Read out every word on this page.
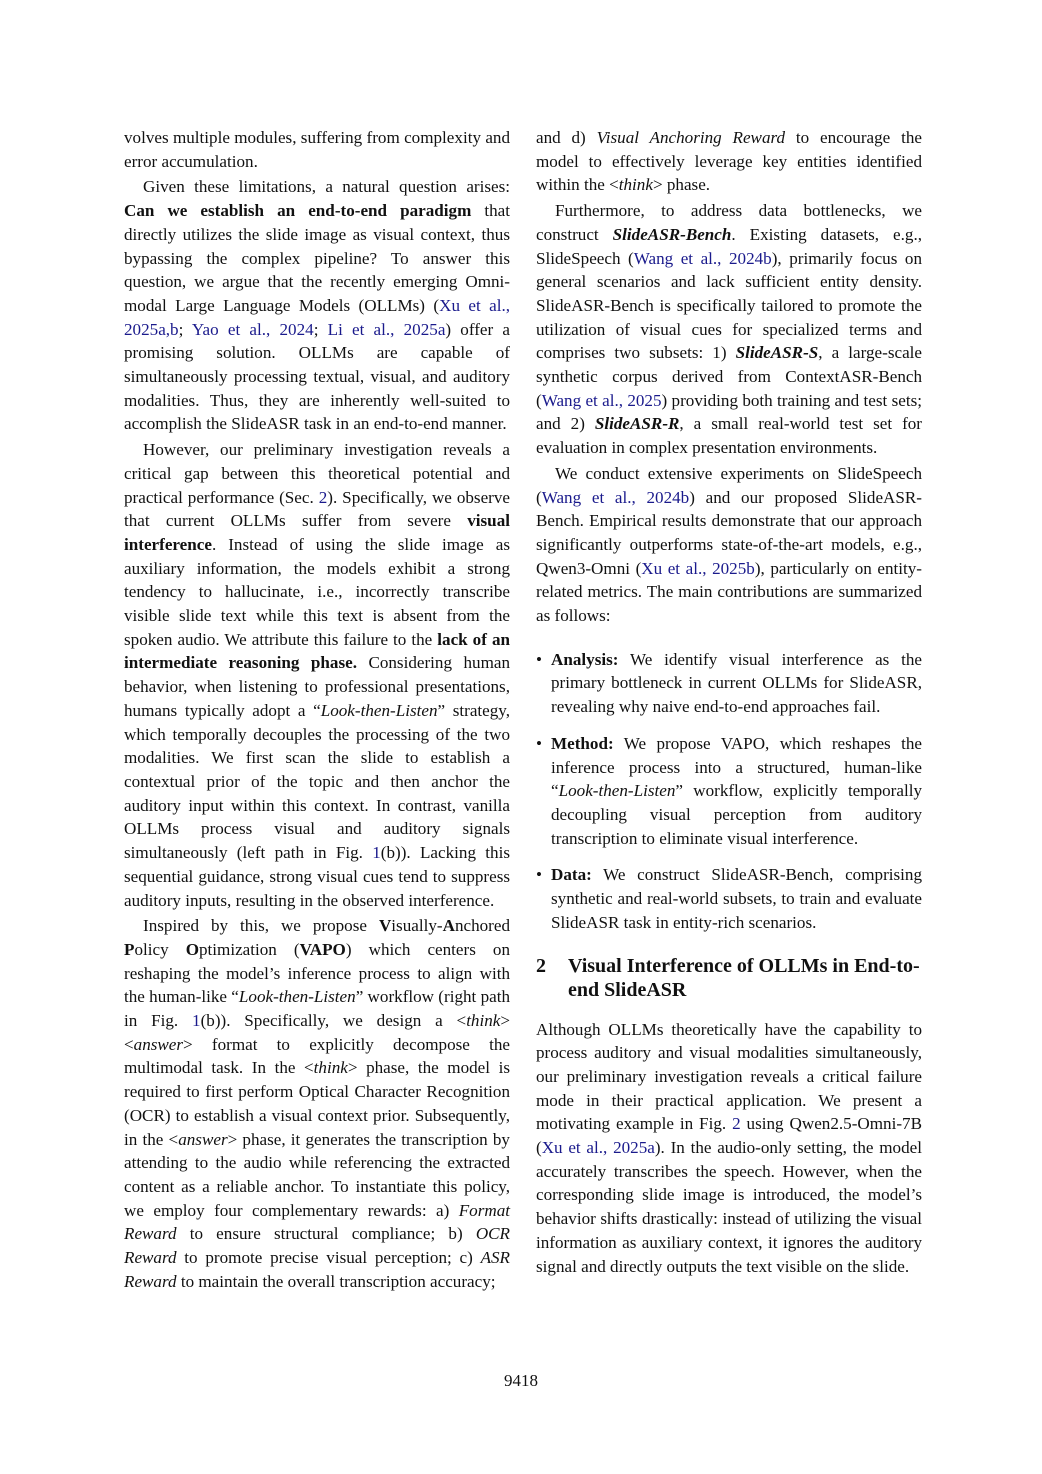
volves multiple modules, suffering from complexity and error accumulation.

Given these limitations, a natural question arises: Can we establish an end-to-end paradigm that directly utilizes the slide image as visual context, thus bypassing the complex pipeline? To answer this question, we argue that the recently emerging Omni-modal Large Language Models (OLLMs) (Xu et al., 2025a,b; Yao et al., 2024; Li et al., 2025a) offer a promising solution. OLLMs are capable of simultaneously processing textual, visual, and auditory modalities. Thus, they are inherently well-suited to accomplish the SlideASR task in an end-to-end manner.

However, our preliminary investigation reveals a critical gap between this theoretical potential and practical performance (Sec. 2). Specifically, we observe that current OLLMs suffer from severe visual interference. Instead of using the slide image as auxiliary information, the models exhibit a strong tendency to hallucinate, i.e., incorrectly transcribe visible slide text while this text is absent from the spoken audio. We attribute this failure to the lack of an intermediate reasoning phase. Considering human behavior, when listening to professional presentations, humans typically adopt a “Look-then-Listen” strategy, which temporally decouples the processing of the two modalities. We first scan the slide to establish a contextual prior of the topic and then anchor the auditory input within this context. In contrast, vanilla OLLMs process visual and auditory signals simultaneously (left path in Fig. 1(b)). Lacking this sequential guidance, strong visual cues tend to suppress auditory inputs, resulting in the observed interference.

Inspired by this, we propose Visually-Anchored Policy Optimization (VAPO) which centers on reshaping the model’s inference process to align with the human-like “Look-then-Listen” workflow (right path in Fig. 1(b)). Specifically, we design a <think><answer> format to explicitly decompose the multimodal task. In the <think> phase, the model is required to first perform Optical Character Recognition (OCR) to establish a visual context prior. Subsequently, in the <answer> phase, it generates the transcription by attending to the audio while referencing the extracted content as a reliable anchor. To instantiate this policy, we employ four complementary rewards: a) Format Reward to ensure structural compliance; b) OCR Reward to promote precise visual perception; c) ASR Reward to maintain the overall transcription accuracy;

and d) Visual Anchoring Reward to encourage the model to effectively leverage key entities identified within the <think> phase.

Furthermore, to address data bottlenecks, we construct SlideASR-Bench. Existing datasets, e.g., SlideSpeech (Wang et al., 2024b), primarily focus on general scenarios and lack sufficient entity density. SlideASR-Bench is specifically tailored to promote the utilization of visual cues for specialized terms and comprises two subsets: 1) SlideASR-S, a large-scale synthetic corpus derived from ContextASR-Bench (Wang et al., 2025) providing both training and test sets; and 2) SlideASR-R, a small real-world test set for evaluation in complex presentation environments.

We conduct extensive experiments on SlideSpeech (Wang et al., 2024b) and our proposed SlideASR-Bench. Empirical results demonstrate that our approach significantly outperforms state-of-the-art models, e.g., Qwen3-Omni (Xu et al., 2025b), particularly on entity-related metrics. The main contributions are summarized as follows:

• Analysis: We identify visual interference as the primary bottleneck in current OLLMs for SlideASR, revealing why naive end-to-end approaches fail.
• Method: We propose VAPO, which reshapes the inference process into a structured, human-like “Look-then-Listen” workflow, explicitly temporally decoupling visual perception from auditory transcription to eliminate visual interference.
• Data: We construct SlideASR-Bench, comprising synthetic and real-world subsets, to train and evaluate SlideASR task in entity-rich scenarios.
2	Visual Interference of OLLMs in End-to-end SlideASR

Although OLLMs theoretically have the capability to process auditory and visual modalities simultaneously, our preliminary investigation reveals a critical failure mode in their practical application. We present a motivating example in Fig. 2 using Qwen2.5-Omni-7B (Xu et al., 2025a). In the audio-only setting, the model accurately transcribes the speech. However, when the corresponding slide image is introduced, the model’s behavior shifts drastically: instead of utilizing the visual information as auxiliary context, it ignores the auditory signal and directly outputs the text visible on the slide.

9418
